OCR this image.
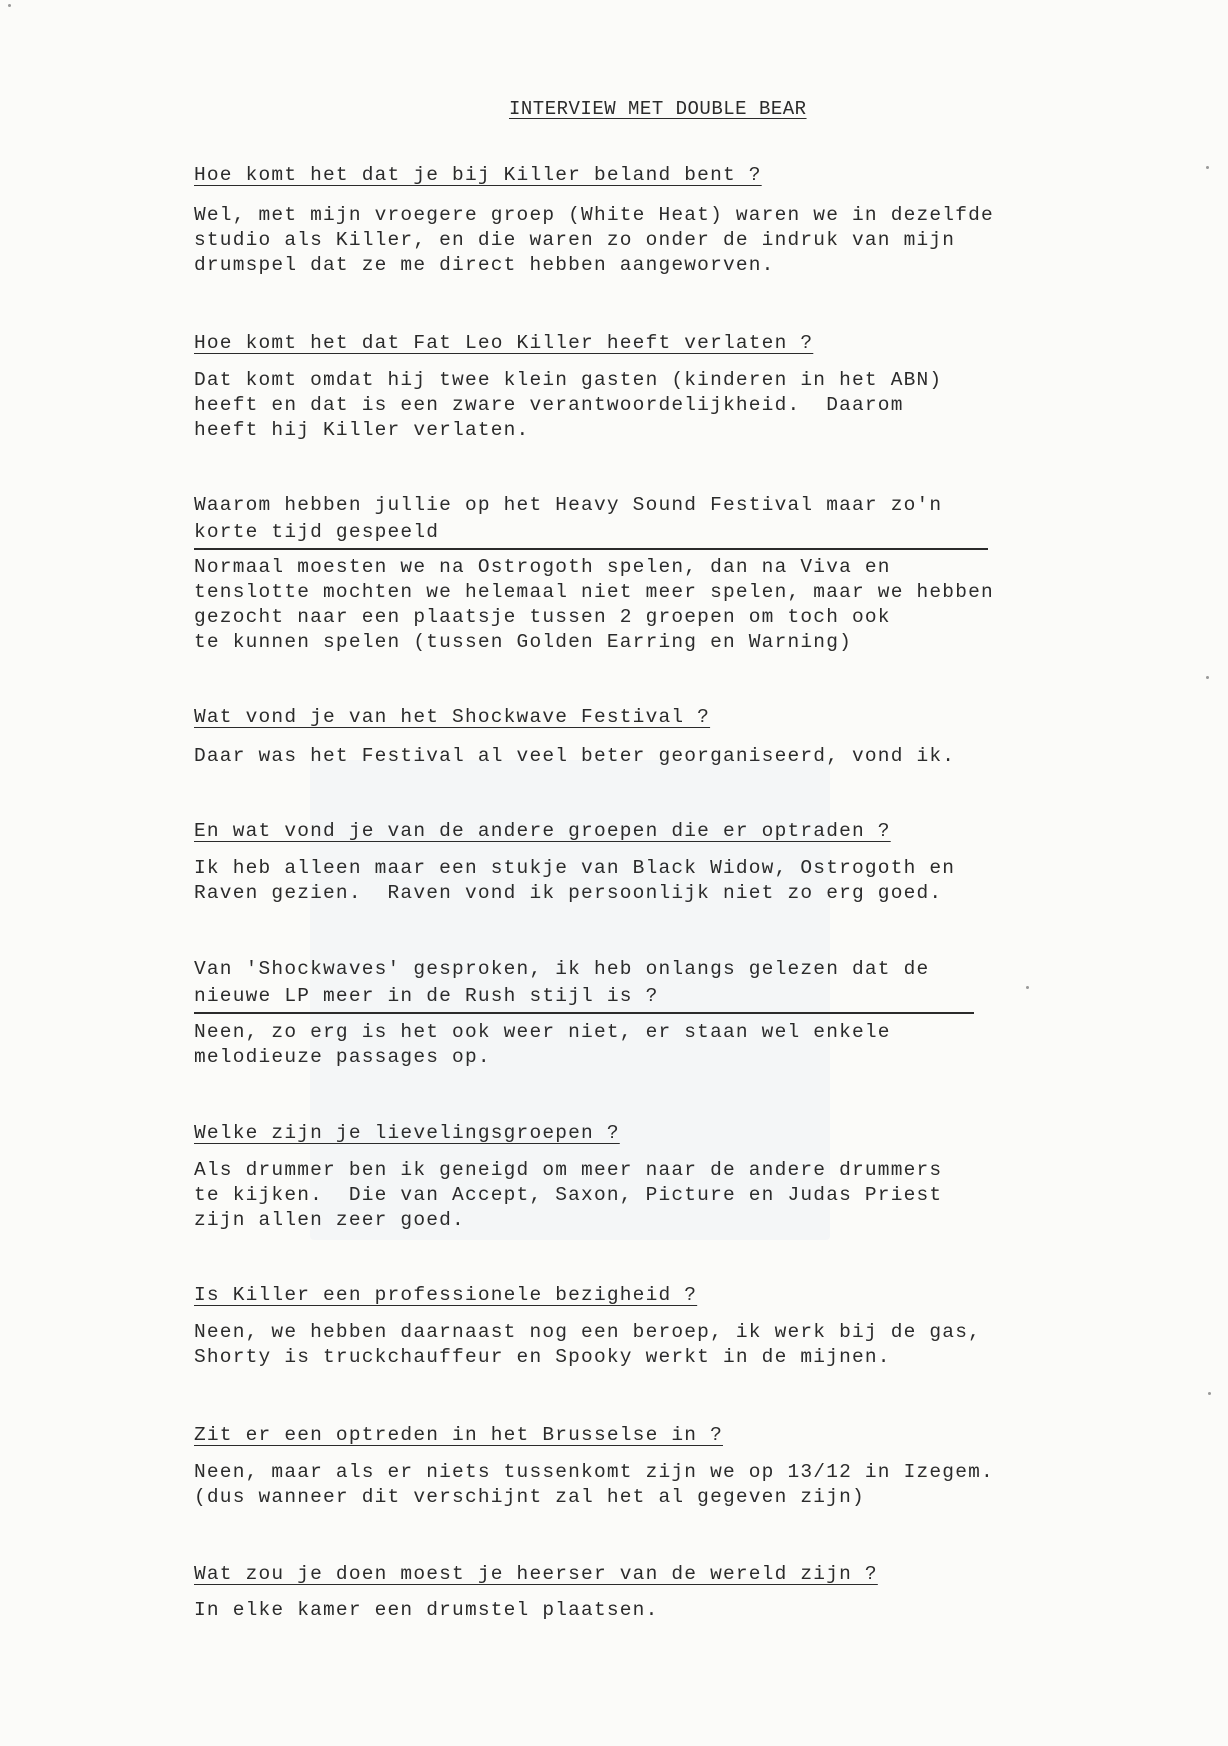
INTERVIEW MET DOUBLE BEAR
Hoe komt het dat je bij Killer beland bent ?
Wel, met mijn vroegere groep (White Heat) waren we in dezelfde
studio als Killer, en die waren zo onder de indruk van mijn
drumspel dat ze me direct hebben aangeworven.
Hoe komt het dat Fat Leo Killer heeft verlaten ?
Dat komt omdat hij twee klein gasten (kinderen in het ABN)
heeft en dat is een zware verantwoordelijkheid.  Daarom
heeft hij Killer verlaten.
Waarom hebben jullie op het Heavy Sound Festival maar zo'n
korte tijd gespeeld
Normaal moesten we na Ostrogoth spelen, dan na Viva en
tenslotte mochten we helemaal niet meer spelen, maar we hebben
gezocht naar een plaatsje tussen 2 groepen om toch ook
te kunnen spelen (tussen Golden Earring en Warning)
Wat vond je van het Shockwave Festival ?
Daar was het Festival al veel beter georganiseerd, vond ik.
En wat vond je van de andere groepen die er optraden ?
Ik heb alleen maar een stukje van Black Widow, Ostrogoth en
Raven gezien.  Raven vond ik persoonlijk niet zo erg goed.
Van 'Shockwaves' gesproken, ik heb onlangs gelezen dat de
nieuwe LP meer in de Rush stijl is ?
Neen, zo erg is het ook weer niet, er staan wel enkele
melodieuze passages op.
Welke zijn je lievelingsgroepen ?
Als drummer ben ik geneigd om meer naar de andere drummers
te kijken.  Die van Accept, Saxon, Picture en Judas Priest
zijn allen zeer goed.
Is Killer een professionele bezigheid ?
Neen, we hebben daarnaast nog een beroep, ik werk bij de gas,
Shorty is truckchauffeur en Spooky werkt in de mijnen.
Zit er een optreden in het Brusselse in ?
Neen, maar als er niets tussenkomt zijn we op 13/12 in Izegem.
(dus wanneer dit verschijnt zal het al gegeven zijn)
Wat zou je doen moest je heerser van de wereld zijn ?
In elke kamer een drumstel plaatsen.
